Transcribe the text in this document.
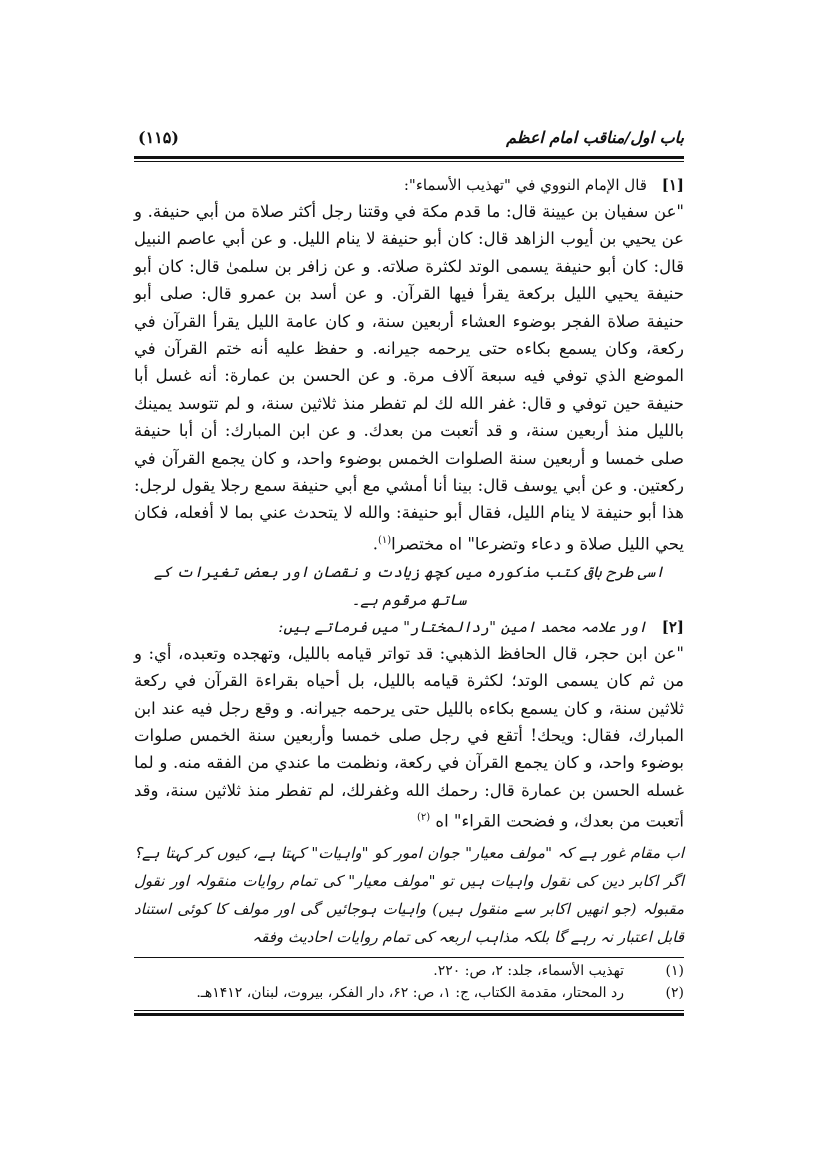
باب اول/مناقب امام اعظم
(۱۱۵)
[۱] قال الإمام النووي في "تهذيب الأسماء":

"عن سفيان بن عيينة قال: ما قدم مكة في وقتنا رجل أكثر صلاة من أبي حنيفة. و عن يحيي بن أيوب الزاهد قال: كان أبو حنيفة لا ينام الليل. و عن أبي عاصم النبيل قال: كان أبو حنيفة يسمى الوتد لكثرة صلاته. و عن زافر بن سلمىٰ قال: كان أبو حنيفة يحيي الليل بركعة يقرأ فيها القرآن. و عن أسد بن عمرو قال: صلى أبو حنيفة صلاة الفجر بوضوء العشاء أربعين سنة، و كان عامة الليل يقرأ القرآن في ركعة، وكان يسمع بكاءه حتى يرحمه جيرانه. و حفظ عليه أنه ختم القرآن في الموضع الذي توفي فيه سبعة آلاف مرة. و عن الحسن بن عمارة: أنه غسل أبا حنيفة حين توفي و قال: غفر الله لك لم تفطر منذ ثلاثين سنة، و لم تتوسد يمينك بالليل منذ أربعين سنة، و قد أتعبت من بعدك. و عن ابن المبارك: أن أبا حنيفة صلى خمسا و أربعين سنة الصلوات الخمس بوضوء واحد، و كان يجمع القرآن في ركعتين. و عن أبي يوسف قال: بينا أنا أمشي مع أبي حنيفة سمع رجلا يقول لرجل: هذا أبو حنيفة لا ينام الليل، فقال أبو حنيفة: والله لا يتحدث عني بما لا أفعله، فكان يحي الليل صلاة و دعاء وتضرعا" اه مختصرا$^{(۱)}$.

اسی طرح باقی کتب مذکورہ میں کچھ زیادت و نقصان اور بعض تغیرات کے ساتھ مرقوم ہے۔
[۲] اور علامہ محمد امین "ردالمختار" میں فرماتے ہیں:

"عن ابن حجر، قال الحافظ الذهبي: قد تواتر قيامه بالليل، وتهجده وتعبده، أي: و من ثم كان يسمى الوتد؛ لكثرة قيامه بالليل، بل أحياه بقراءة القرآن في ركعة ثلاثين سنة، و كان يسمع بكاءه بالليل حتى يرحمه جيرانه. و وقع رجل فيه عند ابن المبارك، فقال: ويحك! أتقع في رجل صلى خمسا وأربعين سنة الخمس صلوات بوضوء واحد، و كان يجمع القرآن في ركعة، ونظمت ما عندي من الفقه منه. و لما غسله الحسن بن عمارة قال: رحمك الله وغفرلك، لم تفطر منذ ثلاثين سنة، وقد أتعبت من بعدك، و فضحت القراء" اه $^{(۲)}$

اب مقام غور ہے کہ "مولف معیار" جوان امور کو "واہیات" کہتا ہے، کیوں کر کہتا ہے؟ اگر اکابر دین کی نقول واہیات ہیں تو "مولف معیار" کی تمام روایات منقولہ اور نقول مقبولہ (جو انھیں اکابر سے منقول ہیں) واہیات ہوجائیں گی اور مولف کا کوئی استناد قابل اعتبار نہ رہے گا بلکہ مذاہب اربعہ کی تمام روایات احادیث وفقہ

(۱)
تهذيب الأسماء، جلد: ۲، ص: ۲۲۰.
(۲)
رد المحتار، مقدمة الكتاب، ج: ۱، ص: ۶۲، دار الفكر، بيروت، لبنان، ۱۴۱۲هـ.
